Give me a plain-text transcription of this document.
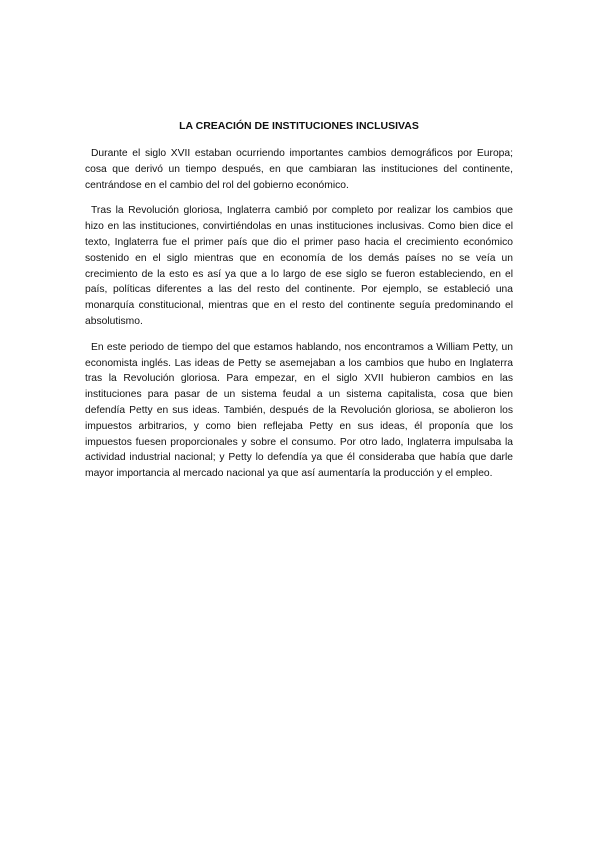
LA CREACIÓN DE INSTITUCIONES INCLUSIVAS

Durante el siglo XVII estaban ocurriendo importantes cambios demográficos por Europa; cosa que derivó un tiempo después, en que cambiaran las instituciones del continente, centrándose en el cambio del rol del gobierno económico.

Tras la Revolución gloriosa, Inglaterra cambió por completo por realizar los cambios que hizo en las instituciones, convirtiéndolas en unas instituciones inclusivas. Como bien dice el texto, Inglaterra fue el primer país que dio el primer paso hacia el crecimiento económico sostenido en el siglo mientras que en economía de los demás países no se veía un crecimiento de la esto es así ya que a lo largo de ese siglo se fueron estableciendo, en el país, políticas diferentes a las del resto del continente. Por ejemplo, se estableció una monarquía constitucional, mientras que en el resto del continente seguía predominando el absolutismo.

En este periodo de tiempo del que estamos hablando, nos encontramos a William Petty, un economista inglés. Las ideas de Petty se asemejaban a los cambios que hubo en Inglaterra tras la Revolución gloriosa. Para empezar, en el siglo XVII hubieron cambios en las instituciones para pasar de un sistema feudal a un sistema capitalista, cosa que bien defendía Petty en sus ideas. También, después de la Revolución gloriosa, se abolieron los impuestos arbitrarios, y como bien reflejaba Petty en sus ideas, él proponía que los impuestos fuesen proporcionales y sobre el consumo. Por otro lado, Inglaterra impulsaba la actividad industrial nacional; y Petty lo defendía ya que él consideraba que había que darle mayor importancia al mercado nacional ya que así aumentaría la producción y el empleo.
